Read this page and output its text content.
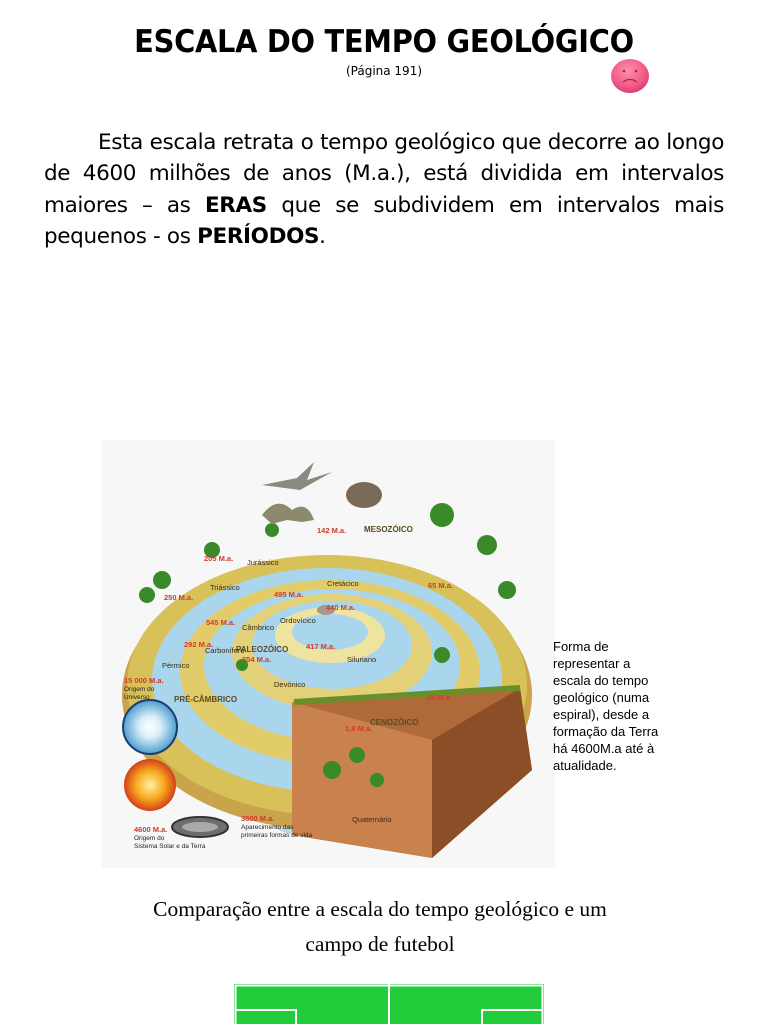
ESCALA DO TEMPO GEOLÓGICO
(Página 191)

Esta escala retrata o tempo geológico que decorre ao longo de 4600 milhões de anos (M.a.), está dividida em intervalos maiores – as ERAS que se subdividem em intervalos mais pequenos - os PERÍODOS.

MESOZÓICO
PALEOZÓICO
CENOZÓICO
PRÉ-CÂMBRICO
Triássico
Jurássico
Cretácico
Pérmico
Carbonífero
Devónico
Siluriano
Câmbrico
Ordovícico
Quaternário
142 M.a.
205 M.a.
250 M.a.
65 M.a.
495 M.a.
440 M.a.
545 M.a.
292 M.a.
354 M.a.
417 M.a.
24 M.a.
1,8 M.a.
15 000 M.a.
4600 M.a.
3800 M.a.
Origem do
Universo
Origem do
Sistema Solar e da Terra
Aparecimento das
primeiras formas de vida
Forma de representar a escala do tempo geológico (numa espiral), desde a formação da Terra há 4600M.a até à atualidade.
Comparação entre a escala do tempo geológico e um
campo de futebol
